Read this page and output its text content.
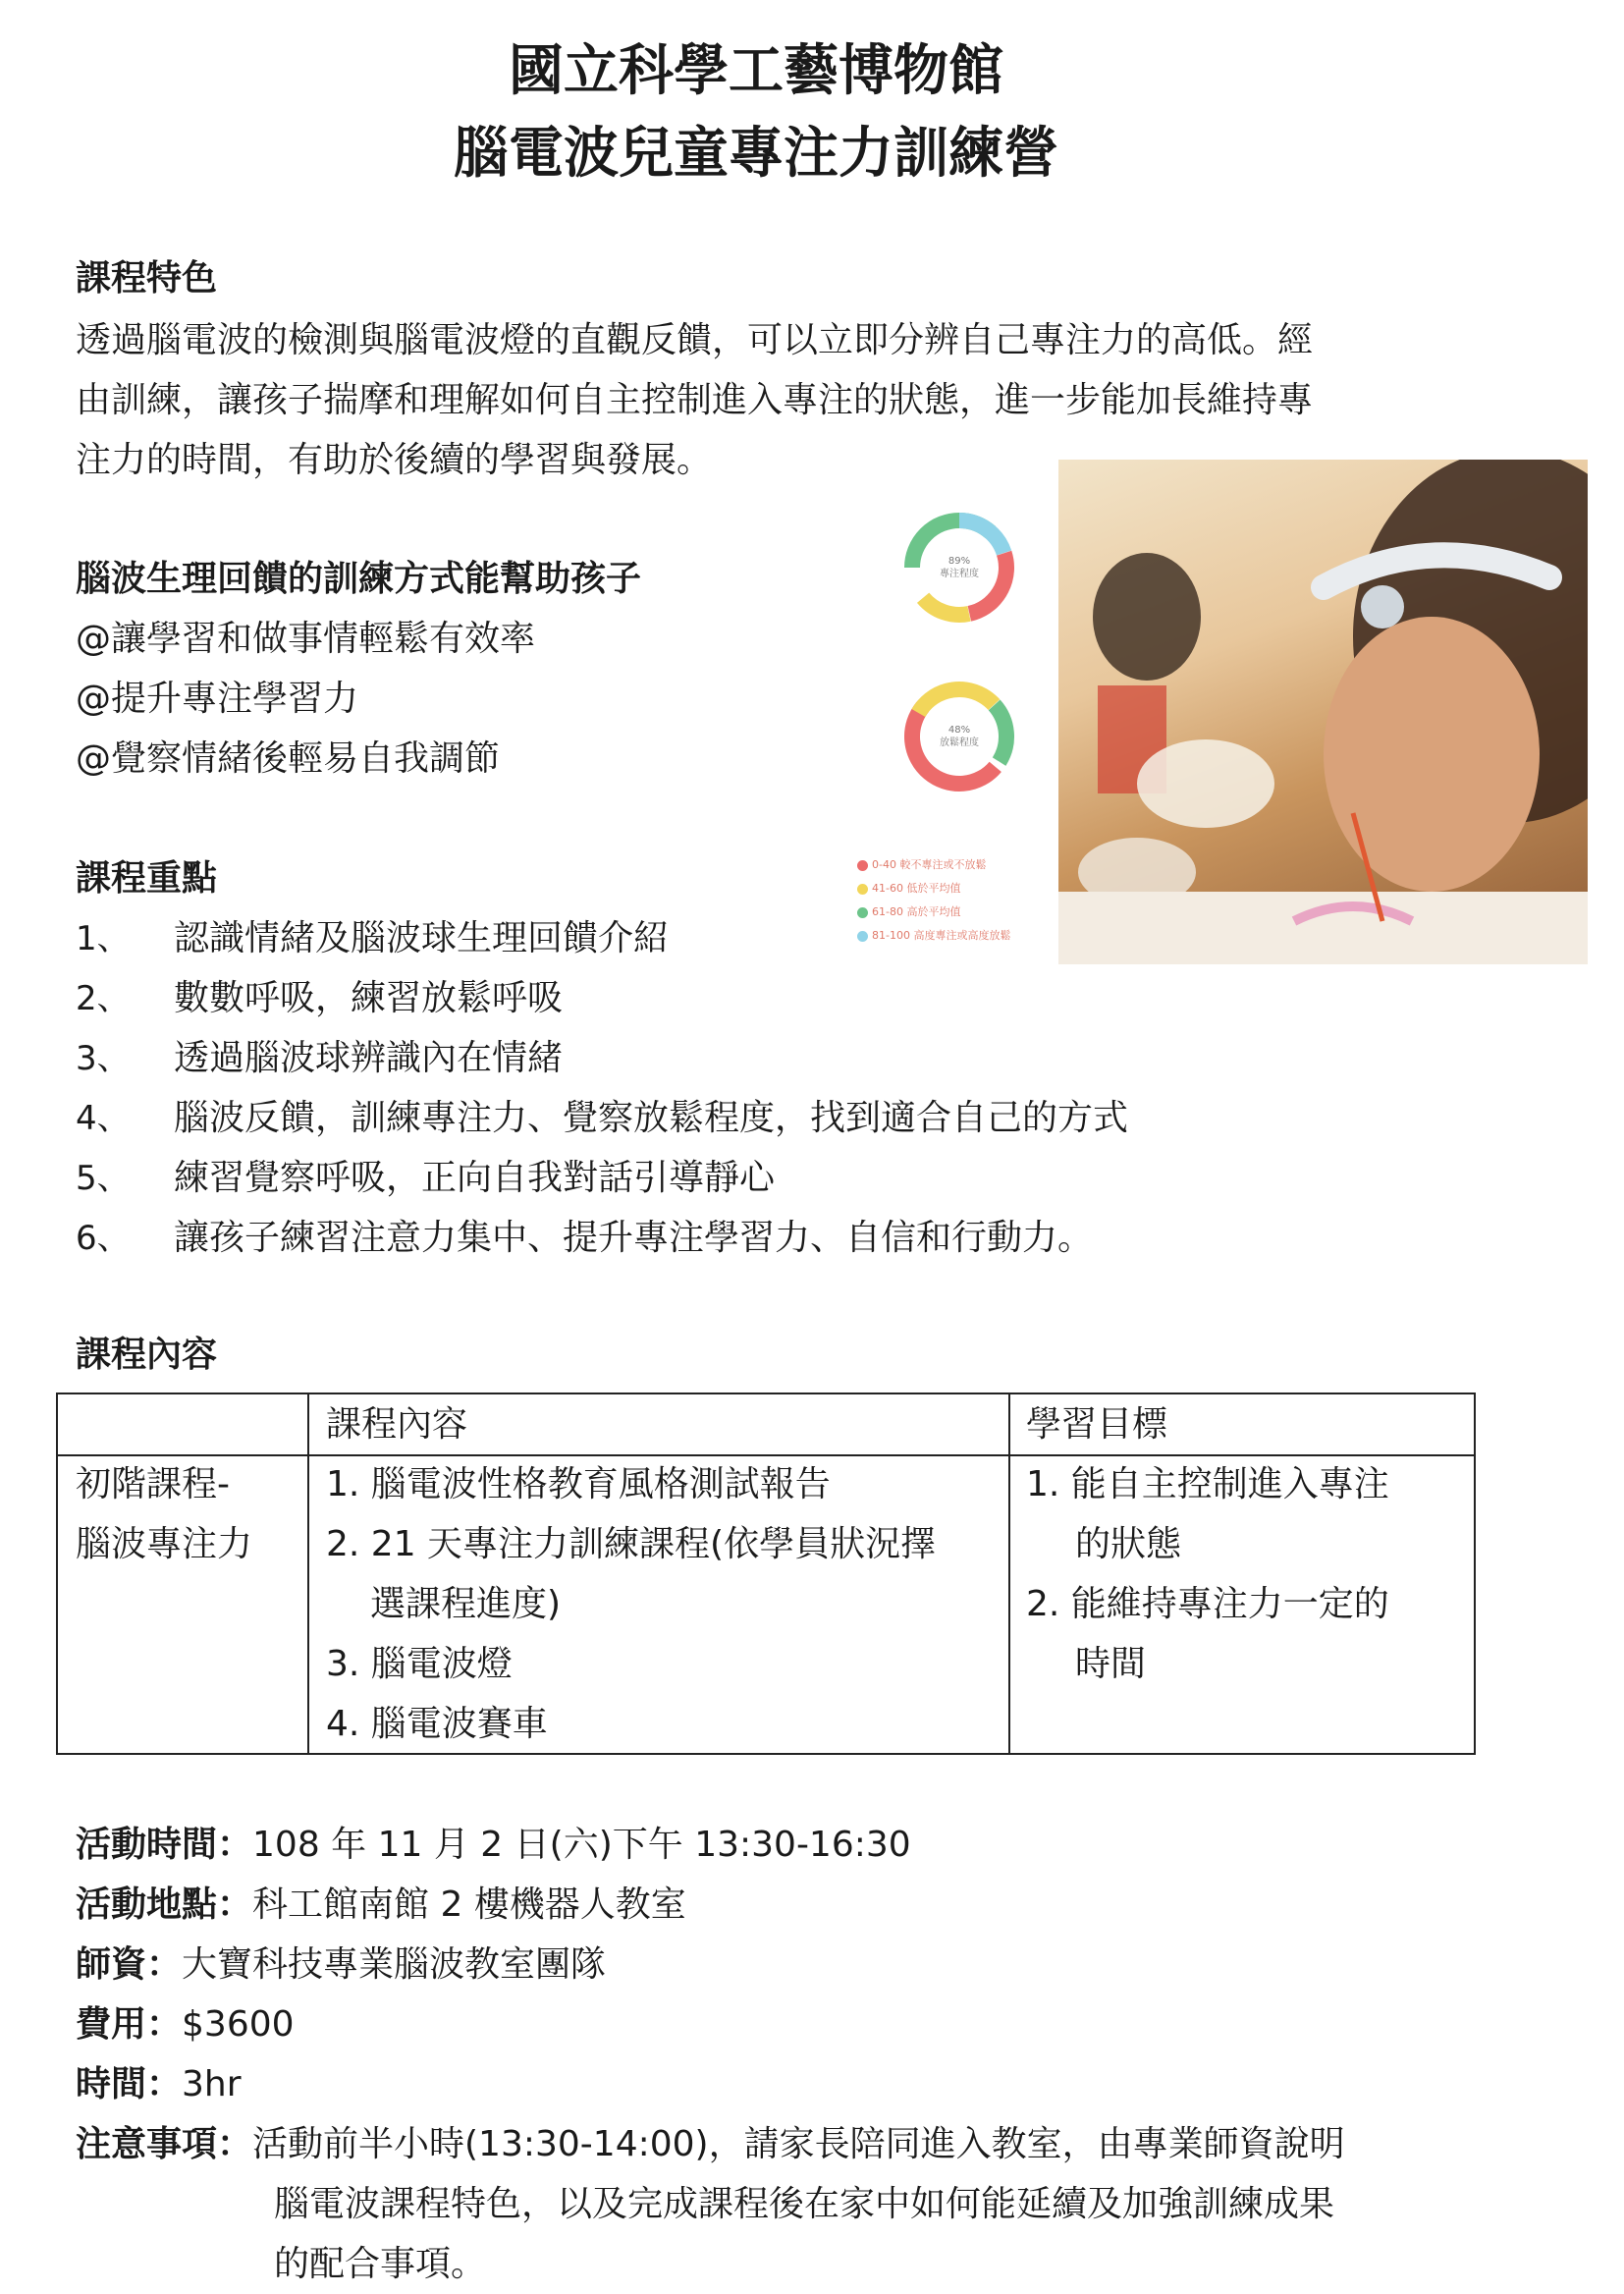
國立科學工藝博物館
腦電波兒童專注力訓練營
課程特色
透過腦電波的檢測與腦電波燈的直觀反饋，可以立即分辨自己專注力的高低。經
由訓練，讓孩子揣摩和理解如何自主控制進入專注的狀態，進一步能加長維持專
注力的時間，有助於後續的學習與發展。
腦波生理回饋的訓練方式能幫助孩子
@讓學習和做事情輕鬆有效率
@提升專注學習力
@覺察情緒後輕易自我調節
課程重點
1、 認識情緒及腦波球生理回饋介紹
2、 數數呼吸，練習放鬆呼吸
3、 透過腦波球辨識內在情緒
4、 腦波反饋，訓練專注力、覺察放鬆程度，找到適合自己的方式
5、 練習覺察呼吸，正向自我對話引導靜心
6、 讓孩子練習注意力集中、提升專注學習力、自信和行動力。
89%
專注程度
48%
放鬆程度
0-40 較不專注或不放鬆
41-60 低於平均值
61-80 高於平均值
81-100 高度專注或高度放鬆
課程內容
課程內容	學習目標
初階課程-
腦波專注力
1. 腦電波性格教育風格測試報告
2. 21 天專注力訓練課程(依學員狀況擇
選課程進度)
3. 腦電波燈
4. 腦電波賽車
1. 能自主控制進入專注
的狀態
2. 能維持專注力一定的
時間
活動時間：108 年 11 月 2 日(六)下午 13:30-16:30
活動地點：科工館南館 2 樓機器人教室
師資：大寶科技專業腦波教室團隊
費用：$3600
時間：3hr
注意事項：活動前半小時(13:30-14:00)，請家長陪同進入教室，由專業師資說明
腦電波課程特色，以及完成課程後在家中如何能延續及加強訓練成果
的配合事項。
